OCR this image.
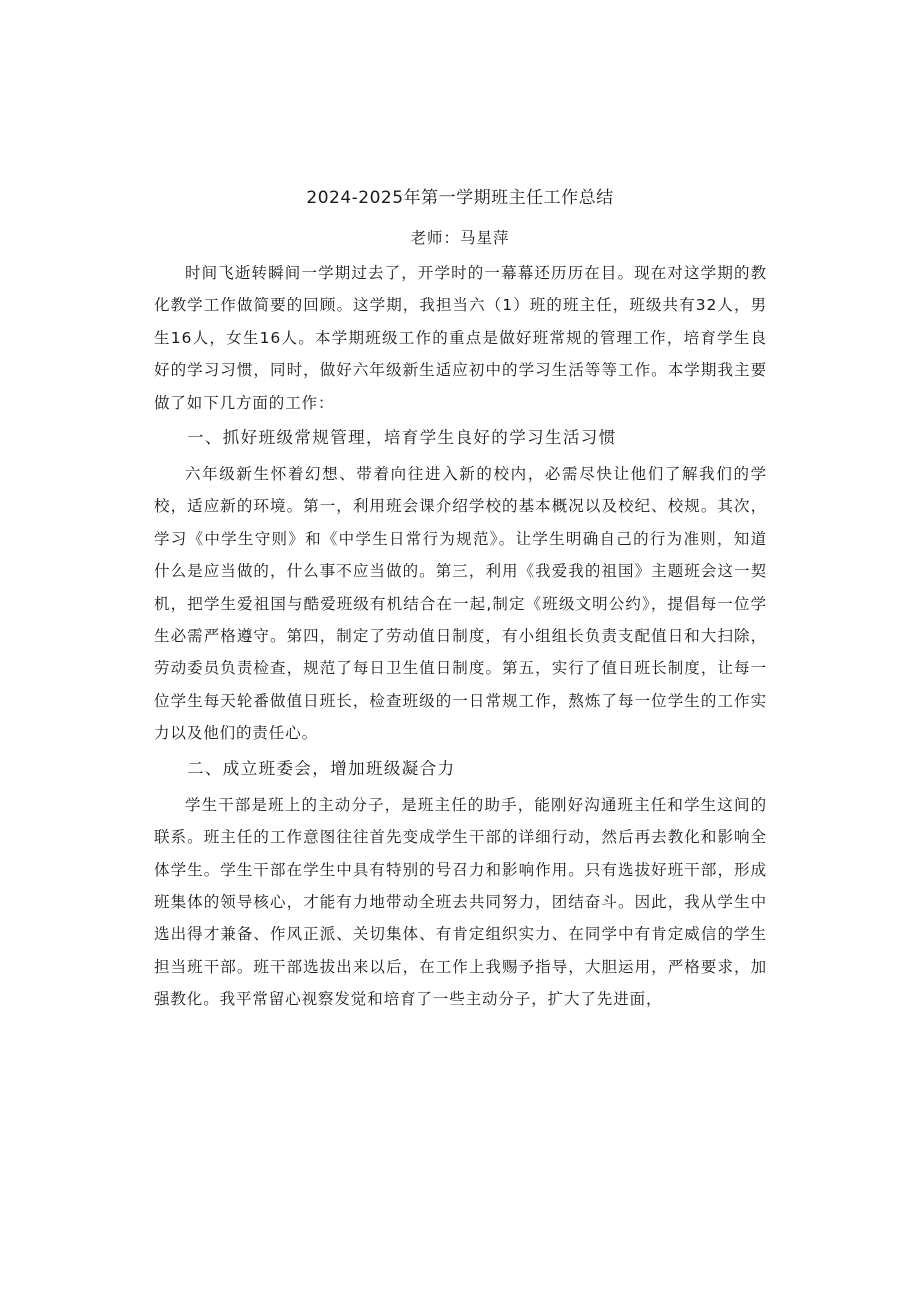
2024-2025年第一学期班主任工作总结
老师：马星萍

时间飞逝转瞬间一学期过去了，开学时的一幕幕还历历在目。现在对这学期的教化教学工作做简要的回顾。这学期，我担当六（1）班的班主任，班级共有32人，男生16人，女生16人。本学期班级工作的重点是做好班常规的管理工作，培育学生良好的学习习惯，同时，做好六年级新生适应初中的学习生活等等工作。本学期我主要做了如下几方面的工作：

一、抓好班级常规管理，培育学生良好的学习生活习惯

六年级新生怀着幻想、带着向往进入新的校内，必需尽快让他们了解我们的学校，适应新的环境。第一，利用班会课介绍学校的基本概况以及校纪、校规。其次，学习《中学生守则》和《中学生日常行为规范》。让学生明确自己的行为准则，知道什么是应当做的，什么事不应当做的。第三，利用《我爱我的祖国》主题班会这一契机，把学生爱祖国与酷爱班级有机结合在一起,制定《班级文明公约》，提倡每一位学生必需严格遵守。第四，制定了劳动值日制度，有小组组长负责支配值日和大扫除，劳动委员负责检查，规范了每日卫生值日制度。第五，实行了值日班长制度，让每一位学生每天轮番做值日班长，检查班级的一日常规工作，熬炼了每一位学生的工作实力以及他们的责任心。

二、成立班委会，增加班级凝合力

学生干部是班上的主动分子，是班主任的助手，能刚好沟通班主任和学生这间的联系。班主任的工作意图往往首先变成学生干部的详细行动，然后再去教化和影响全体学生。学生干部在学生中具有特别的号召力和影响作用。只有选拔好班干部，形成班集体的领导核心，才能有力地带动全班去共同努力，团结奋斗。因此，我从学生中选出得才兼备、作风正派、关切集体、有肯定组织实力、在同学中有肯定威信的学生担当班干部。班干部选拔出来以后，在工作上我赐予指导，大胆运用，严格要求，加强教化。我平常留心视察发觉和培育了一些主动分子，扩大了先进面，
